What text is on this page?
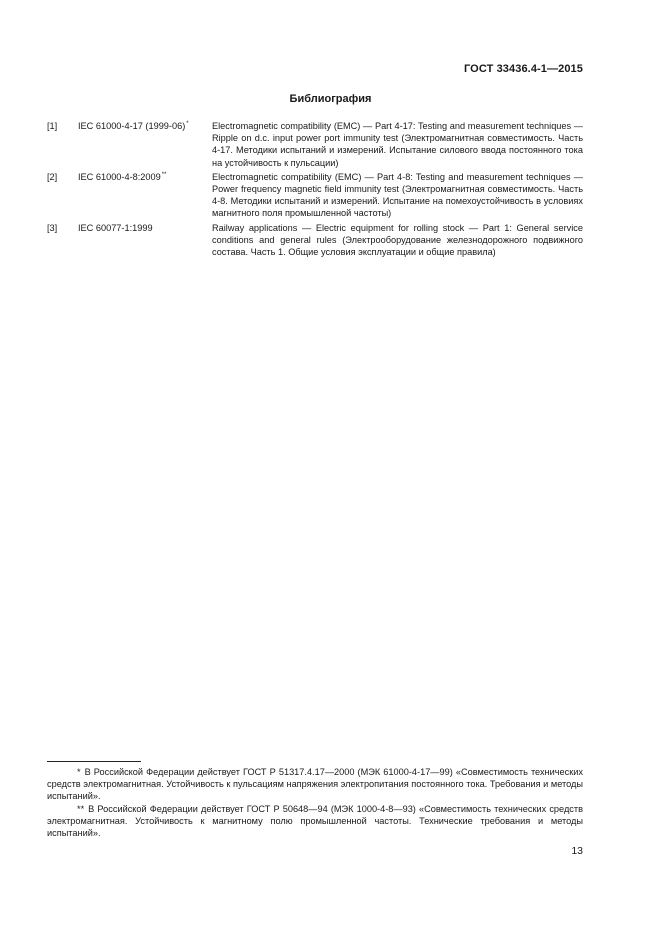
ГОСТ 33436.4-1—2015
Библиография
[1]	IEC 61000-4-17 (1999-06)*	Electromagnetic compatibility (EMC) — Part 4-17: Testing and measurement techniques — Ripple on d.c. input power port immunity test (Электромагнитная совместимость. Часть 4-17. Методики испытаний и измерений. Испытание силового ввода постоянного тока на устойчивость к пульсации)
[2]	IEC 61000-4-8:2009**	Electromagnetic compatibility (EMC) — Part 4-8: Testing and measurement techniques — Power frequency magnetic field immunity test (Электромагнитная совместимость. Часть 4-8. Методики испытаний и измерений. Испытание на помехоустойчивость в условиях магнитного поля промышленной частоты)
[3]	IEC 60077-1:1999	Railway applications — Electric equipment for rolling stock — Part 1: General service conditions and general rules (Электрооборудование железнодорожного подвижного состава. Часть 1. Общие условия эксплуатации и общие правила)
* В Российской Федерации действует ГОСТ Р 51317.4.17—2000 (МЭК 61000-4-17—99) «Совместимость технических средств электромагнитная. Устойчивость к пульсациям напряжения электропитания постоянного тока. Требования и методы испытаний».
** В Российской Федерации действует ГОСТ Р 50648—94 (МЭК 1000-4-8—93) «Совместимость технических средств электромагнитная. Устойчивость к магнитному полю промышленной частоты. Технические требования и методы испытаний».
13
